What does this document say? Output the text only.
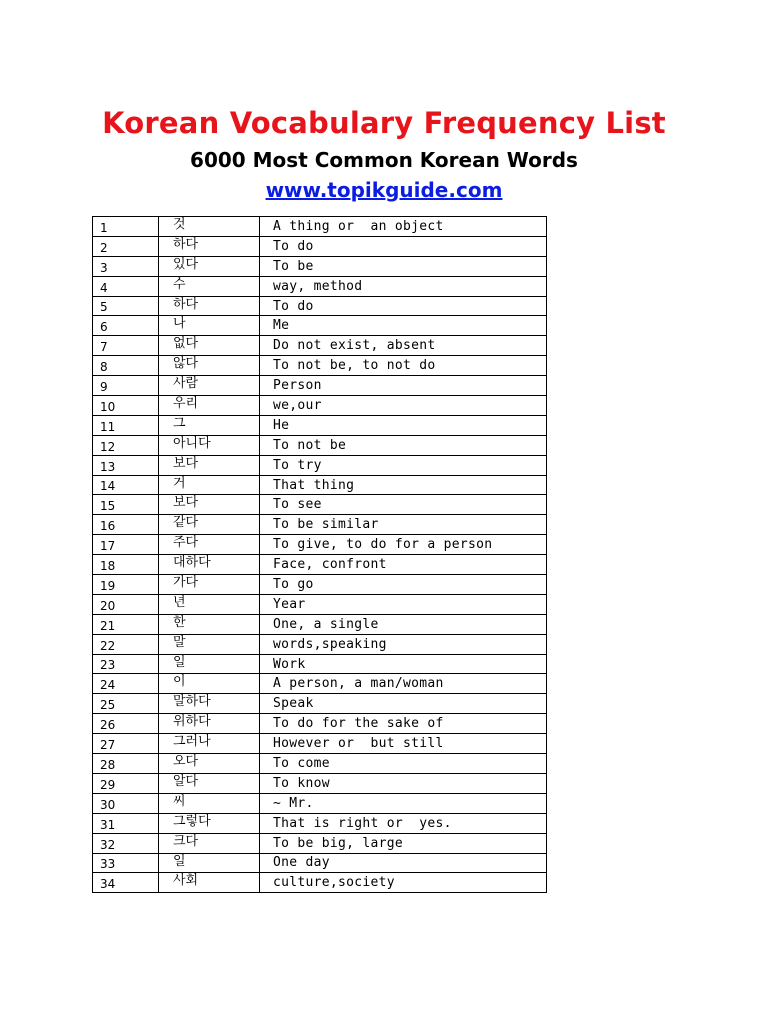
Korean Vocabulary Frequency List
6000 Most Common Korean Words
www.topikguide.com
1	것	A thing or  an object
2	하다	To do
3	있다	To be
4	수	way, method
5	하다	To do
6	나	Me
7	없다	Do not exist, absent
8	않다	To not be, to not do
9	사람	Person
10	우리	we,our
11	그	He
12	아니다	To not be
13	보다	To try
14	거	That thing
15	보다	To see
16	같다	To be similar
17	주다	To give, to do for a person
18	대하다	Face, confront
19	가다	To go
20	년	Year
21	한	One, a single
22	말	words,speaking
23	일	Work
24	이	A person, a man/woman
25	말하다	Speak
26	위하다	To do for the sake of
27	그러나	However or  but still
28	오다	To come
29	알다	To know
30	씨	~ Mr.
31	그렇다	That is right or  yes.
32	크다	To be big, large
33	일	One day
34	사회	culture,society
